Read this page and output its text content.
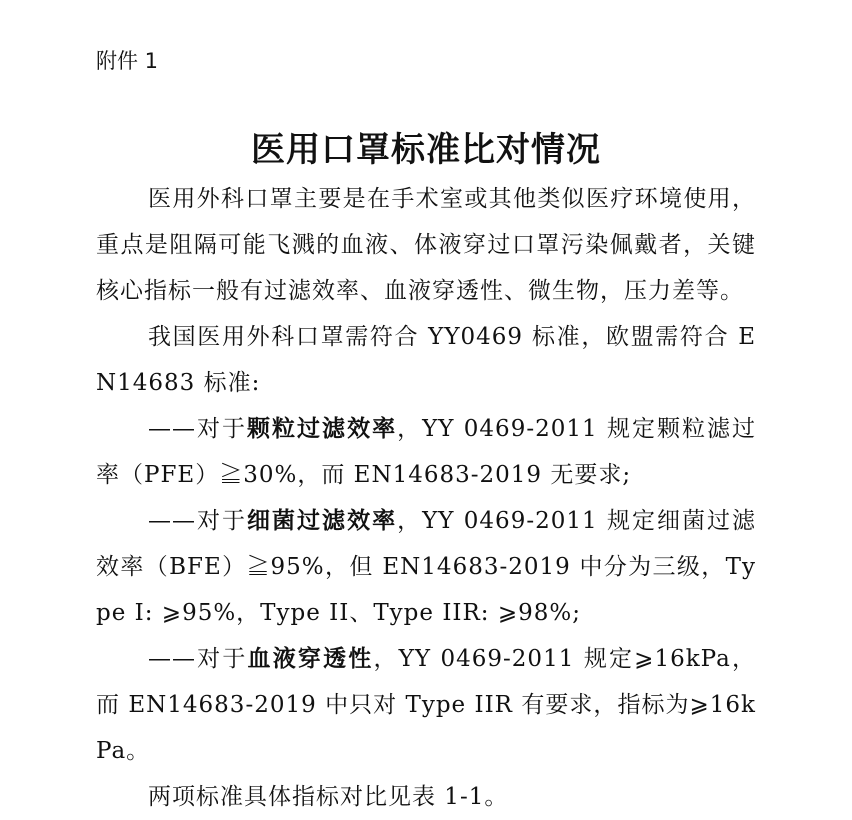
附件 1
医用口罩标准比对情况

医用外科口罩主要是在手术室或其他类似医疗环境使用，重点是阻隔可能飞溅的血液、体液穿过口罩污染佩戴者，关键核心指标一般有过滤效率、血液穿透性、微生物，压力差等。

我国医用外科口罩需符合 YY0469 标准，欧盟需符合 EN14683 标准:

——对于颗粒过滤效率，YY 0469-2011 规定颗粒滤过率（PFE）≧30%，而 EN14683-2019 无要求;

——对于细菌过滤效率，YY 0469-2011 规定细菌过滤效率（BFE）≧95%，但 EN14683-2019 中分为三级，Type I: ⩾95%，Type II、Type IIR: ⩾98%;

——对于血液穿透性，YY 0469-2011 规定⩾16kPa， 而 EN14683-2019 中只对 Type IIR 有要求，指标为⩾16kPa。

两项标准具体指标对比见表 1-1。
